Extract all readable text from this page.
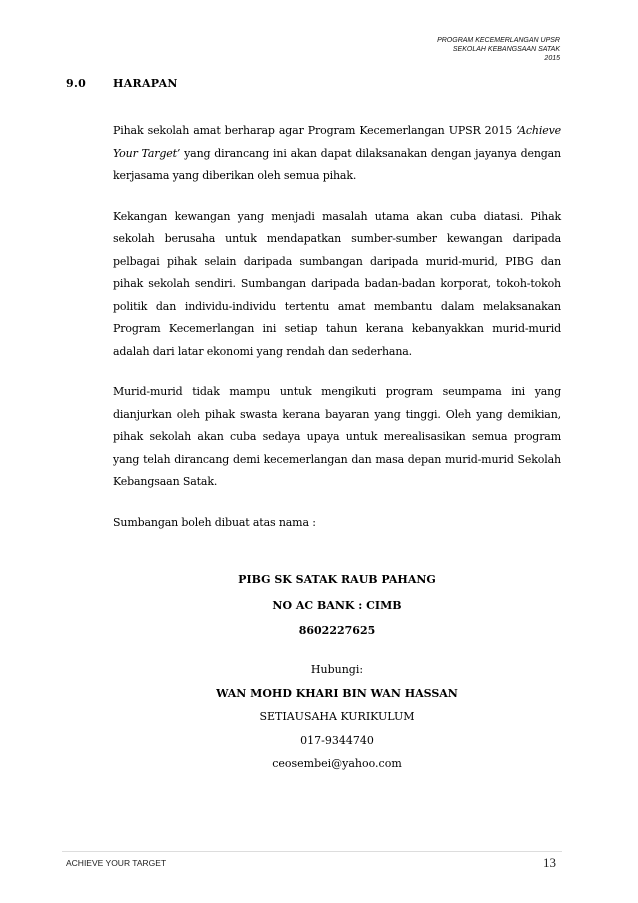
PROGRAM KECEMERLANGAN UPSR
SEKOLAH KEBANGSAAN SATAK
2015
9.0 HARAPAN

Pihak sekolah amat berharap agar Program Kecemerlangan UPSR 2015 ‘Achieve Your Target’ yang dirancang ini akan dapat dilaksanakan dengan jayanya dengan kerjasama yang diberikan oleh semua pihak.

Kekangan kewangan yang menjadi masalah utama akan cuba diatasi. Pihak sekolah berusaha untuk mendapatkan sumber-sumber kewangan daripada pelbagai pihak selain daripada sumbangan daripada murid-murid, PIBG dan pihak sekolah sendiri. Sumbangan daripada badan-badan korporat, tokoh-tokoh politik dan individu-individu tertentu amat membantu dalam melaksanakan Program Kecemerlangan ini setiap tahun kerana kebanyakkan murid-murid adalah dari latar ekonomi yang rendah dan sederhana.

Murid-murid tidak mampu untuk mengikuti program seumpama ini yang dianjurkan oleh pihak swasta kerana bayaran yang tinggi. Oleh yang demikian, pihak sekolah akan cuba sedaya upaya untuk merealisasikan semua program yang telah dirancang demi kecemerlangan dan masa depan murid-murid Sekolah Kebangsaan Satak.

Sumbangan boleh dibuat atas nama :

PIBG SK SATAK RAUB PAHANG
NO AC BANK : CIMB
8602227625
Hubungi:
WAN MOHD KHARI BIN WAN HASSAN
SETIAUSAHA KURIKULUM
017-9344740
ceosembei@yahoo.com
ACHIEVE YOUR TARGET	13
